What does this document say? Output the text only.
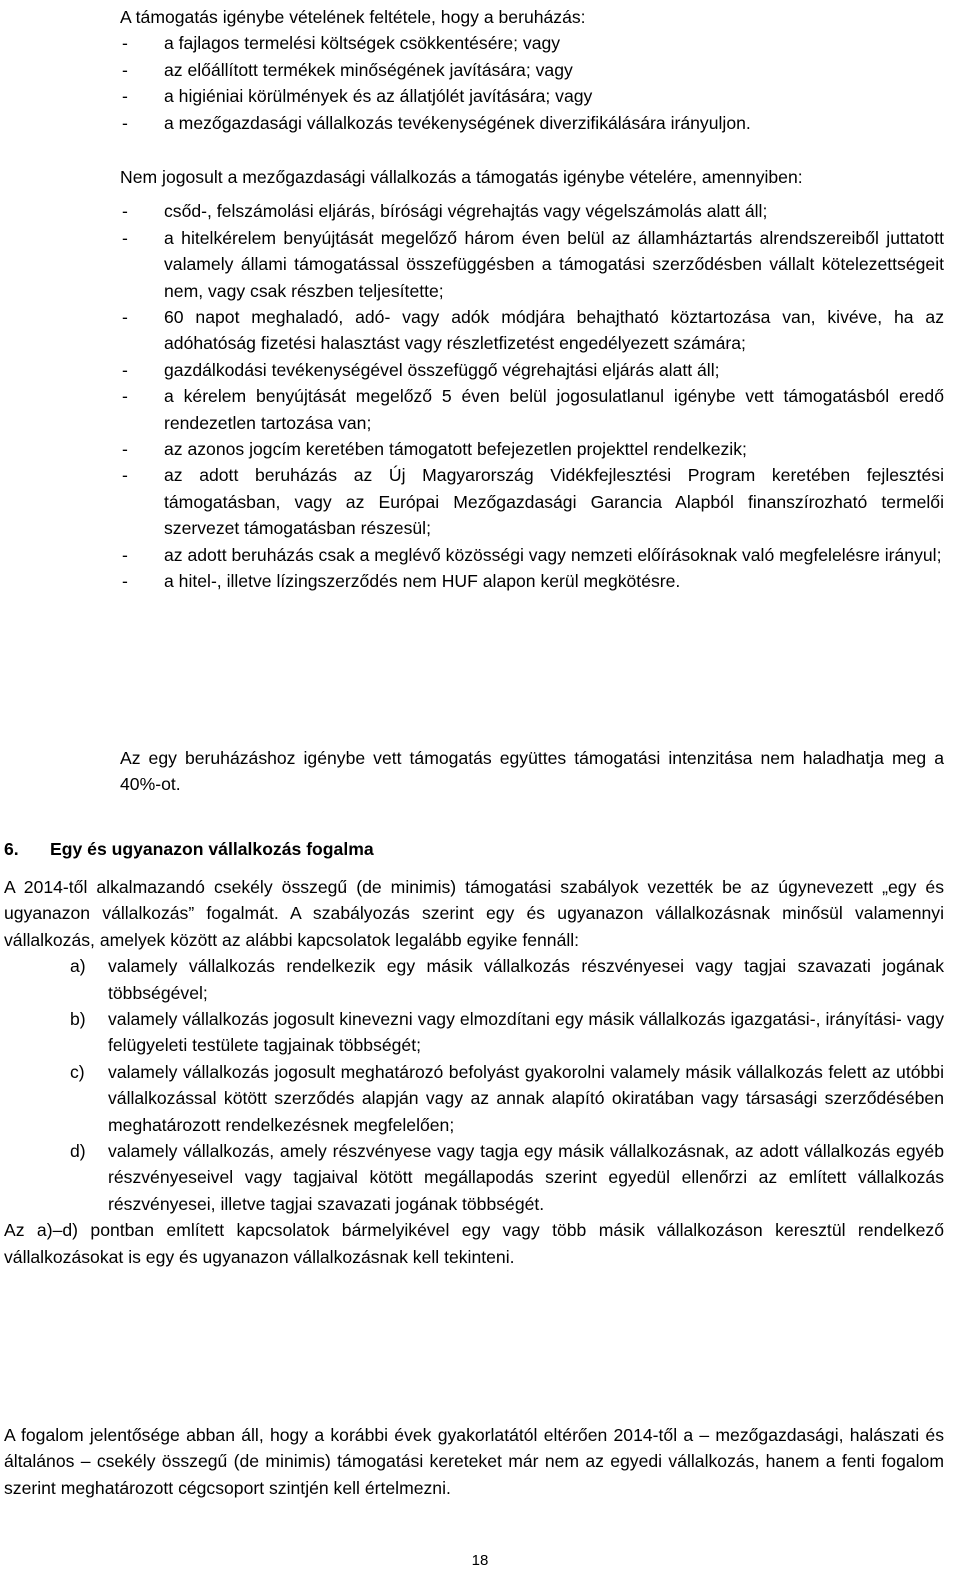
A támogatás igénybe vételének feltétele, hogy a beruházás:

- a fajlagos termelési költségek csökkentésére; vagy
- az előállított termékek minőségének javítására; vagy
- a higiéniai körülmények és az állatjólét javítására; vagy
- a mezőgazdasági vállalkozás tevékenységének diverzifikálására irányuljon.

Nem jogosult a mezőgazdasági vállalkozás a támogatás igénybe vételére, amennyiben:

- csőd-, felszámolási eljárás, bírósági végrehajtás vagy végelszámolás alatt áll;
- a hitelkérelem benyújtását megelőző három éven belül az államháztartás alrendszereiből juttatott valamely állami támogatással összefüggésben a támogatási szerződésben vállalt kötelezettségeit nem, vagy csak részben teljesítette;
- 60 napot meghaladó, adó- vagy adók módjára behajtható köztartozása van, kivéve, ha az adóhatóság fizetési halasztást vagy részletfizetést engedélyezett számára;
- gazdálkodási tevékenységével összefüggő végrehajtási eljárás alatt áll;
- a kérelem benyújtását megelőző 5 éven belül jogosulatlanul igénybe vett támogatásból eredő rendezetlen tartozása van;
- az azonos jogcím keretében támogatott befejezetlen projekttel rendelkezik;
- az adott beruházás az Új Magyarország Vidékfejlesztési Program keretében fejlesztési támogatásban, vagy az Európai Mezőgazdasági Garancia Alapból finanszírozható termelői szervezet támogatásban részesül;
- az adott beruházás csak a meglévő közösségi vagy nemzeti előírásoknak való megfelelésre irányul;
- a hitel-, illetve lízingszerződés nem HUF alapon kerül megkötésre.

Az egy beruházáshoz igénybe vett támogatás együttes támogatási intenzitása nem haladhatja meg a 40%-ot.

6. Egy és ugyanazon vállalkozás fogalma

A 2014-től alkalmazandó csekély összegű (de minimis) támogatási szabályok vezették be az úgynevezett „egy és ugyanazon vállalkozás” fogalmát. A szabályozás szerint egy és ugyanazon vállalkozásnak minősül valamennyi vállalkozás, amelyek között az alábbi kapcsolatok legalább egyike fennáll:

a) valamely vállalkozás rendelkezik egy másik vállalkozás részvényesei vagy tagjai szavazati jogának többségével;
b) valamely vállalkozás jogosult kinevezni vagy elmozdítani egy másik vállalkozás igazgatási-, irányítási- vagy felügyeleti testülete tagjainak többségét;
c) valamely vállalkozás jogosult meghatározó befolyást gyakorolni valamely másik vállalkozás felett az utóbbi vállalkozással kötött szerződés alapján vagy az annak alapító okiratában vagy társasági szerződésében meghatározott rendelkezésnek megfelelően;
d) valamely vállalkozás, amely részvényese vagy tagja egy másik vállalkozásnak, az adott vállalkozás egyéb részvényeseivel vagy tagjaival kötött megállapodás szerint egyedül ellenőrzi az említett vállalkozás részvényesei, illetve tagjai szavazati jogának többségét.

Az a)–d) pontban említett kapcsolatok bármelyikével egy vagy több másik vállalkozáson keresztül rendelkező vállalkozásokat is egy és ugyanazon vállalkozásnak kell tekinteni.

A fogalom jelentősége abban áll, hogy a korábbi évek gyakorlatától eltérően 2014-től a – mezőgazdasági, halászati és általános – csekély összegű (de minimis) támogatási kereteket már nem az egyedi vállalkozás, hanem a fenti fogalom szerint meghatározott cégcsoport szintjén kell értelmezni.

18
